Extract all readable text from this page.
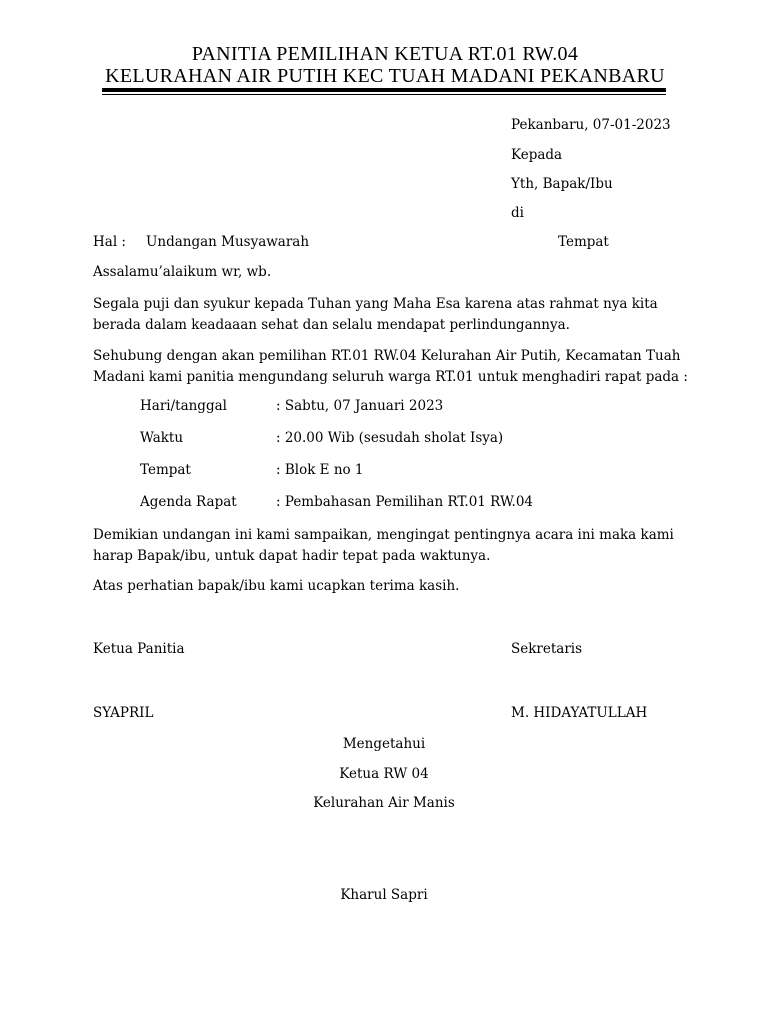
PANITIA PEMILIHAN KETUA RT.01 RW.04
KELURAHAN AIR PUTIH KEC TUAH MADANI PEKANBARU
Pekanbaru, 07-01-2023
Kepada
Yth, Bapak/Ibu
di
Hal : Undangan Musyawarah	Tempat
Assalamu’alaikum wr, wb.
Segala puji dan syukur kepada Tuhan yang Maha Esa karena atas rahmat nya kita
berada dalam keadaaan sehat dan selalu mendapat perlindungannya.
Sehubung dengan akan pemilihan RT.01 RW.04 Kelurahan Air Putih, Kecamatan Tuah
Madani kami panitia mengundang seluruh warga RT.01 untuk menghadiri rapat pada :
Hari/tanggal	: Sabtu, 07 Januari 2023
Waktu	: 20.00 Wib (sesudah sholat Isya)
Tempat	: Blok E no 1
Agenda Rapat	: Pembahasan Pemilihan RT.01 RW.04
Demikian undangan ini kami sampaikan, mengingat pentingnya acara ini maka kami
harap Bapak/ibu, untuk dapat hadir tepat pada waktunya.
Atas perhatian bapak/ibu kami ucapkan terima kasih.
Ketua Panitia	Sekretaris
SYAPRIL	M. HIDAYATULLAH
Mengetahui
Ketua RW 04
Kelurahan Air Manis
Kharul Sapri
